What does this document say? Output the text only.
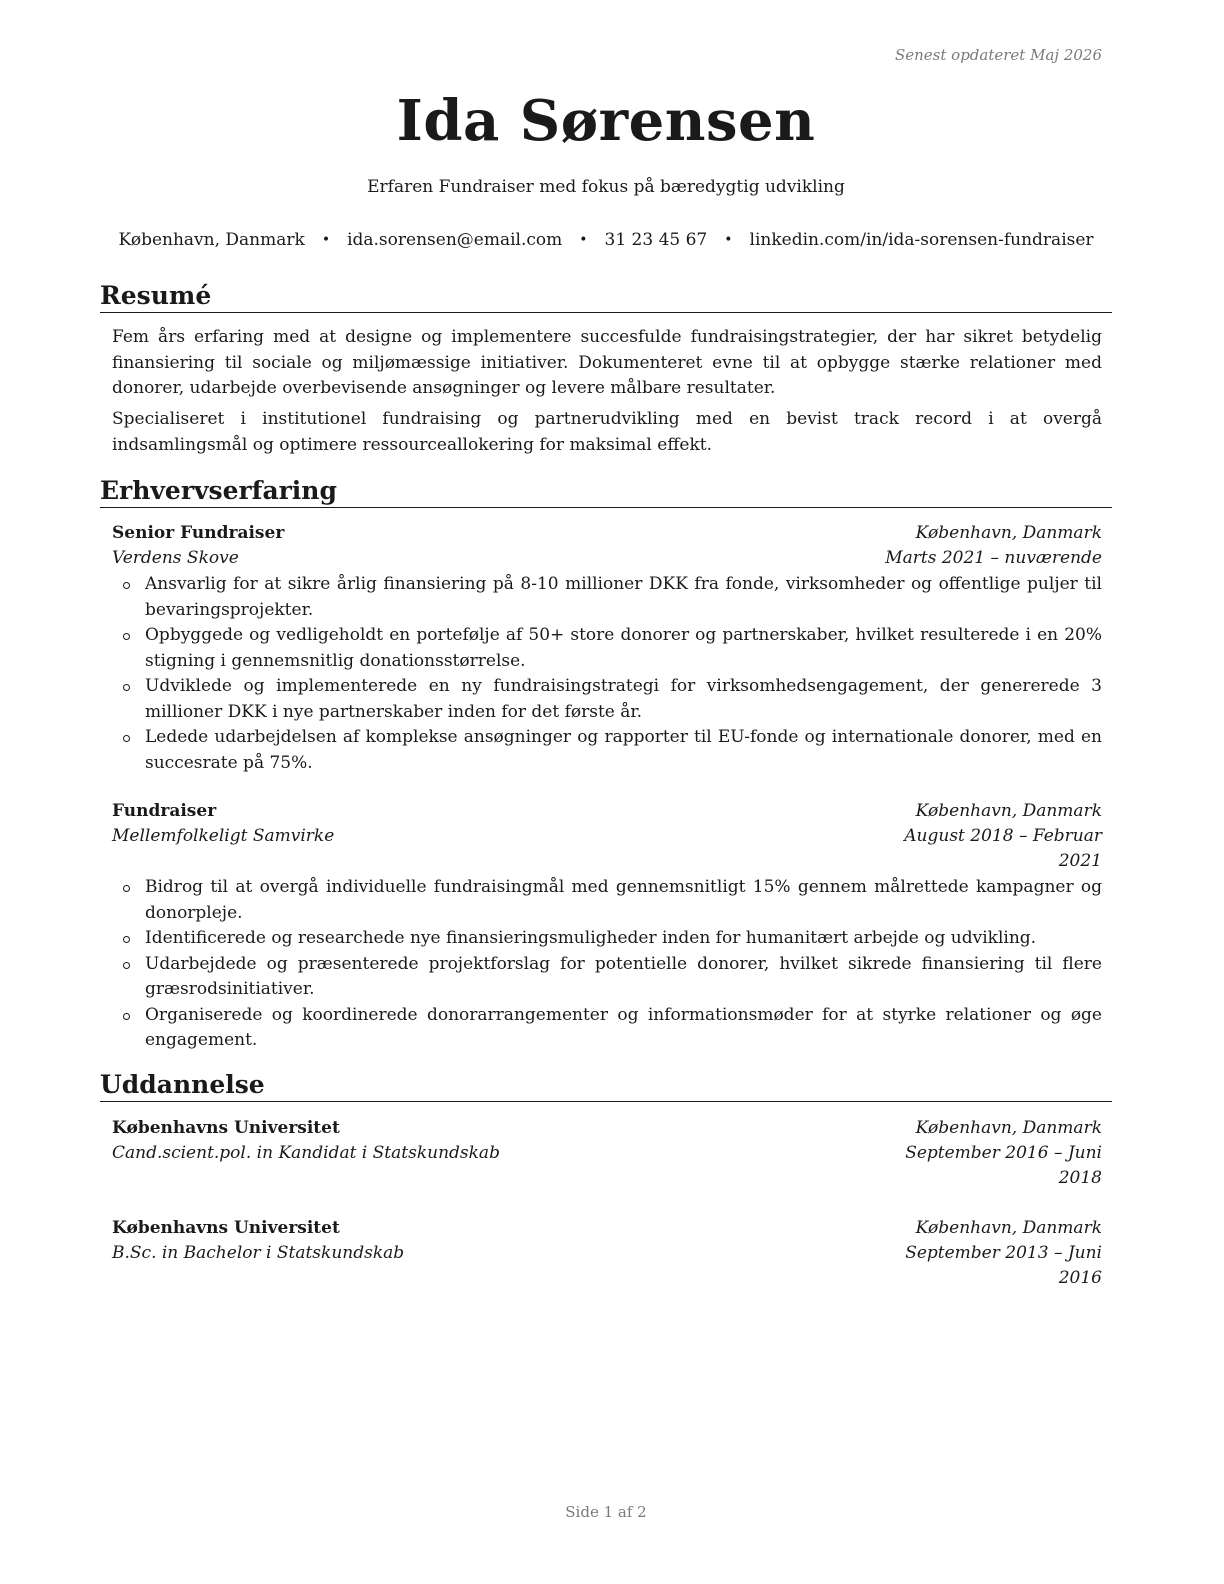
Senest opdateret Maj 2026
Ida Sørensen
Erfaren Fundraiser med fokus på bæredygtig udvikling
København, Danmark • ida.sorensen@email.com • 31 23 45 67 • linkedin.com/in/ida-sorensen-fundraiser
Resumé
Fem års erfaring med at designe og implementere succesfulde fundraisingstrategier, der har sikret betydelig finansiering til sociale og miljømæssige initiativer. Dokumenteret evne til at opbygge stærke relationer med donorer, udarbejde overbevisende ansøgninger og levere målbare resultater.
Specialiseret i institutionel fundraising og partnerudvikling med en bevist track record i at overgå indsamlingsmål og optimere ressourceallokering for maksimal effekt.
Erhvervserfaring
Senior Fundraiser	København, Danmark
Verdens Skove	Marts 2021 – nuværende
Ansvarlig for at sikre årlig finansiering på 8-10 millioner DKK fra fonde, virksomheder og offentlige puljer til bevaringsprojekter.
Opbyggede og vedligeholdt en portefølje af 50+ store donorer og partnerskaber, hvilket resulterede i en 20% stigning i gennemsnitlig donationsstørrelse.
Udviklede og implementerede en ny fundraisingstrategi for virksomhedsengagement, der genererede 3 millioner DKK i nye partnerskaber inden for det første år.
Ledede udarbejdelsen af komplekse ansøgninger og rapporter til EU-fonde og internationale donorer, med en succesrate på 75%.
Fundraiser	København, Danmark
Mellemfolkeligt Samvirke	August 2018 – Februar 2021
Bidrog til at overgå individuelle fundraisingmål med gennemsnitligt 15% gennem målrettede kampagner og donorpleje.
Identificerede og researchede nye finansieringsmuligheder inden for humanitært arbejde og udvikling.
Udarbejdede og præsenterede projektforslag for potentielle donorer, hvilket sikrede finansiering til flere græsrodsinitiativer.
Organiserede og koordinerede donorarrangementer og informationsmøder for at styrke relationer og øge engagement.
Uddannelse
Københavns Universitet	København, Danmark
Cand.scient.pol. in Kandidat i Statskundskab	September 2016 – Juni 2018
Københavns Universitet	København, Danmark
B.Sc. in Bachelor i Statskundskab	September 2013 – Juni 2016
Side 1 af 2
